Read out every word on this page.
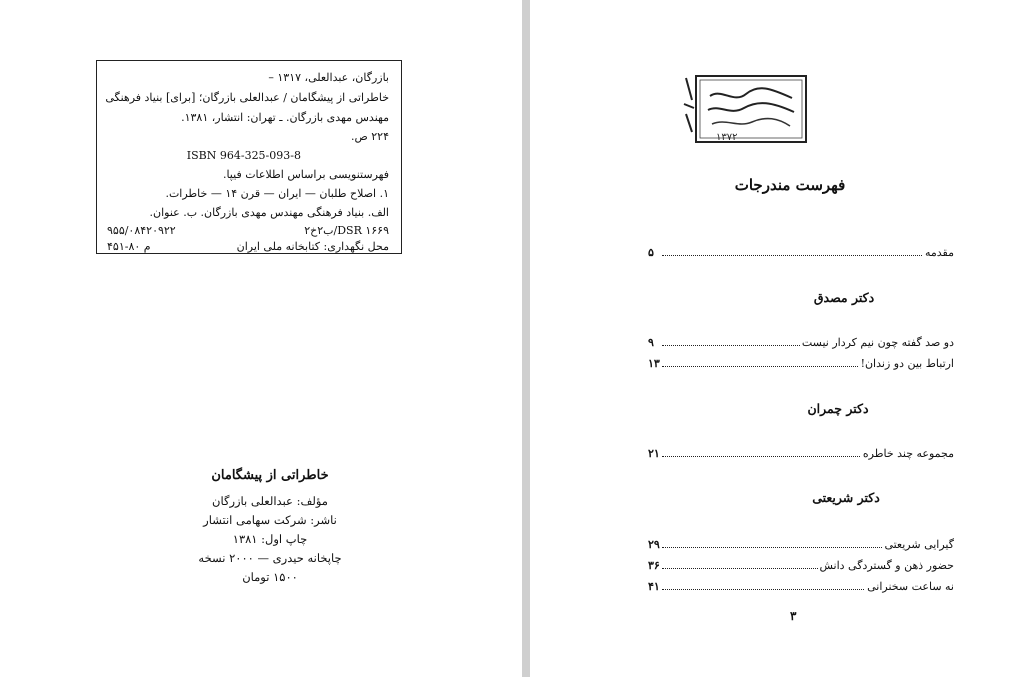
بازرگان، عبدالعلی، ۱۳۱۷ –
خاطراتی از پیشگامان / عبدالعلی بازرگان؛ [برای] بنیاد فرهنگی
مهندس مهدی بازرگان. ـ تهران: انتشار، ۱۳۸۱.
۲۲۴ ص.
ISBN 964-325-093-8
فهرستنویسی براساس اطلاعات فیپا.
۱. اصلاح طلبان — ایران — قرن ۱۴ — خاطرات.
الف. بنیاد فرهنگی مهندس مهدی بازرگان. ب. عنوان.
DSR ۱۶۶۹/ب۲خ۲
۹۵۵/۰۸۴۲۰۹۲۲
محل نگهداری: کتابخانه ملی ایران
م ۸۰-۴۵۱
خاطراتی از پیشگامان
مؤلف: عبدالعلی بازرگان
ناشر: شرکت سهامی انتشار
چاپ اول: ۱۳۸۱
چاپخانه حیدری — ۲۰۰۰ نسخه
۱۵۰۰ تومان
۱۳۷۲
فهرست مندرجات
مقدمه
۵
دکتر مصدق
دو صد گفته چون نیم کردار نیست
۹
ارتباط بین دو زندان!
۱۳
دکتر چمران
مجموعه چند خاطره
۲۱
دکتر شریعتی
گیرایی شریعتی
۲۹
حضور ذهن و گستردگی دانش
۳۶
نه ساعت سخنرانی
۴۱
۳
